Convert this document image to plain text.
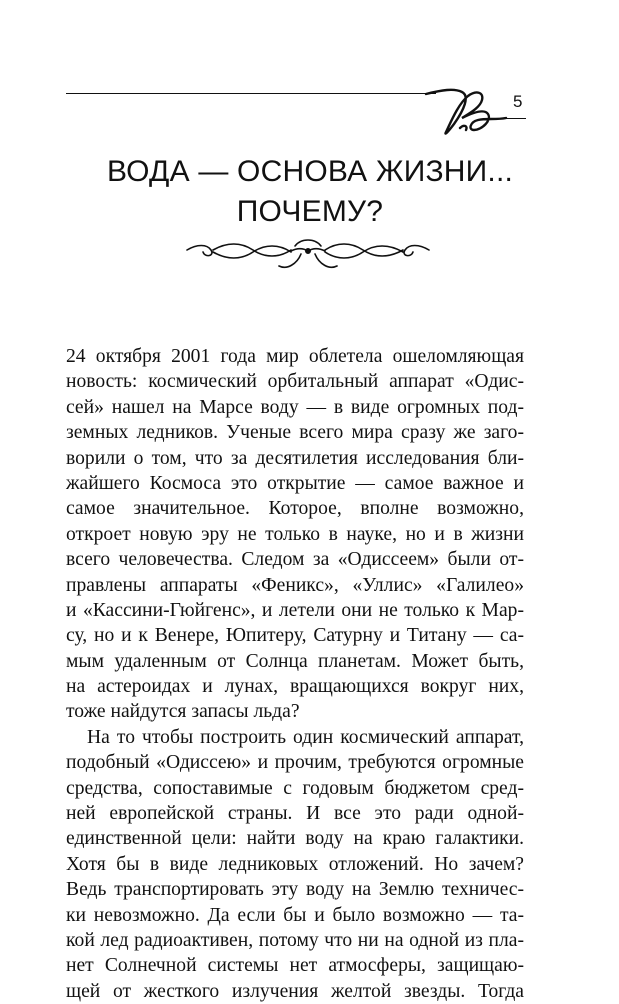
5
ВОДА — ОСНОВА ЖИЗНИ...
ПОЧЕМУ?
24 октября 2001 года мир облетела ошеломляющая
новость: космический орбитальный аппарат «Одис-
сей» нашел на Марсе воду — в виде огромных под-
земных ледников. Ученые всего мира сразу же заго-
ворили о том, что за десятилетия исследования бли-
жайшего Космоса это открытие — самое важное и
самое значительное. Которое, вполне возможно,
откроет новую эру не только в науке, но и в жизни
всего человечества. Следом за «Одиссеем» были от-
правлены аппараты «Феникс», «Уллис» «Галилео»
и «Кассини-Гюйгенс», и летели они не только к Мар-
су, но и к Венере, Юпитеру, Сатурну и Титану — са-
мым удаленным от Солнца планетам. Может быть,
на астероидах и лунах, вращающихся вокруг них,
тоже найдутся запасы льда?
На то чтобы построить один космический аппарат,
подобный «Одиссею» и прочим, требуются огромные
средства, сопоставимые с годовым бюджетом сред-
ней европейской страны. И все это ради одной-
единственной цели: найти воду на краю галактики.
Хотя бы в виде ледниковых отложений. Но зачем?
Ведь транспортировать эту воду на Землю техничес-
ки невозможно. Да если бы и было возможно — та-
кой лед радиоактивен, потому что ни на одной из пла-
нет Солнечной системы нет атмосферы, защищаю-
щей от жесткого излучения желтой звезды. Тогда
